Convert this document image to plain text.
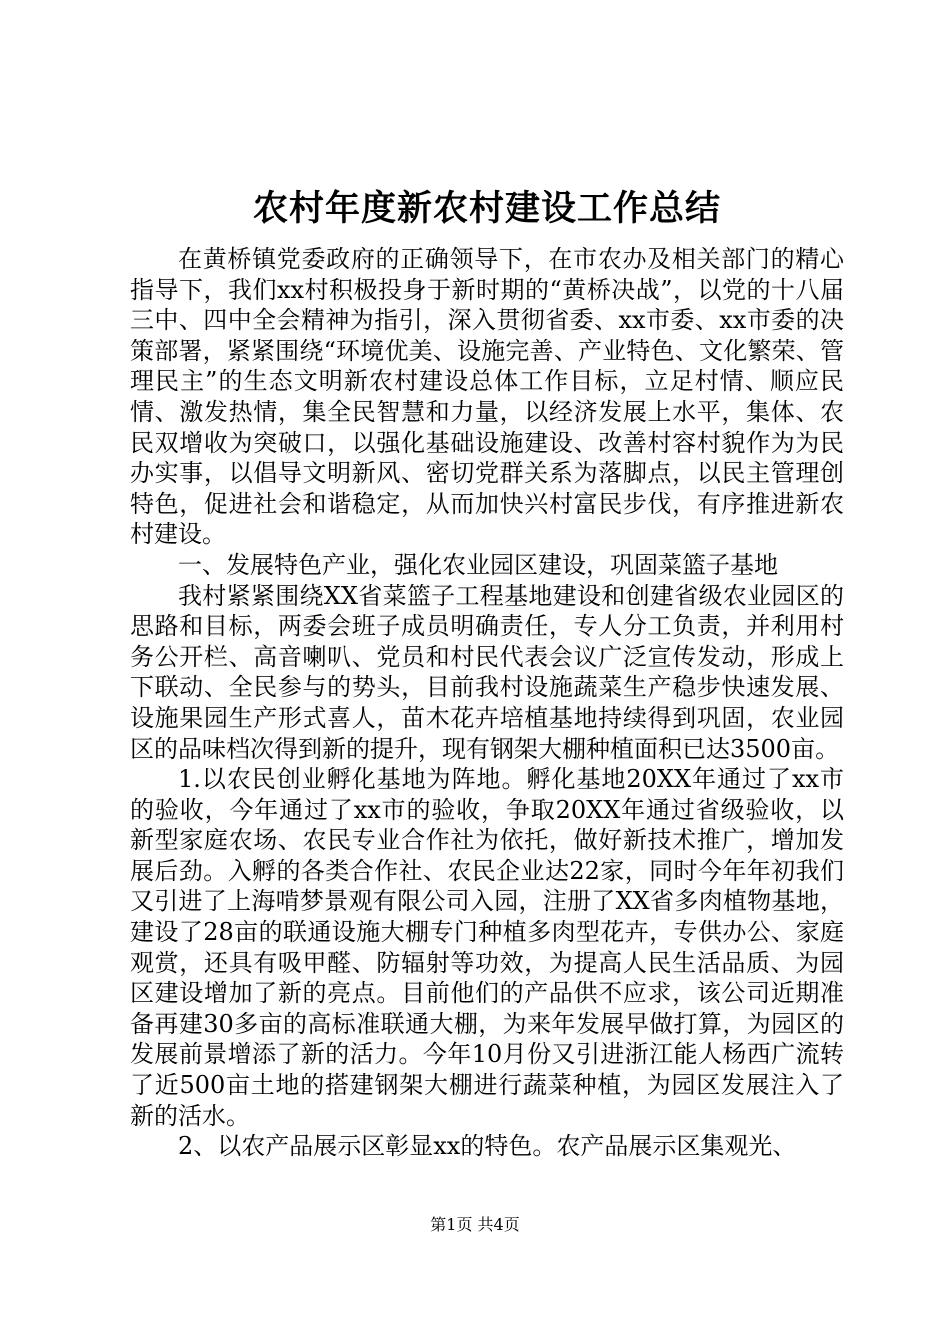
农村年度新农村建设工作总结

在黄桥镇党委政府的正确领导下，在市农办及相关部门的精心指导下，我们xx村积极投身于新时期的“黄桥决战”，以党的十八届三中、四中全会精神为指引，深入贯彻省委、xx市委、xx市委的决策部署，紧紧围绕“环境优美、设施完善、产业特色、文化繁荣、管理民主”的生态文明新农村建设总体工作目标，立足村情、顺应民情、激发热情，集全民智慧和力量，以经济发展上水平，集体、农民双增收为突破口，以强化基础设施建设、改善村容村貌作为为民办实事，以倡导文明新风、密切党群关系为落脚点，以民主管理创特色，促进社会和谐稳定，从而加快兴村富民步伐，有序推进新农村建设。

一、发展特色产业，强化农业园区建设，巩固菜篮子基地

我村紧紧围绕XX省菜篮子工程基地建设和创建省级农业园区的思路和目标，两委会班子成员明确责任，专人分工负责，并利用村务公开栏、高音喇叭、党员和村民代表会议广泛宣传发动，形成上下联动、全民参与的势头，目前我村设施蔬菜生产稳步快速发展、设施果园生产形式喜人，苗木花卉培植基地持续得到巩固，农业园区的品味档次得到新的提升，现有钢架大棚种植面积已达3500亩。

1.以农民创业孵化基地为阵地。孵化基地20XX年通过了xx市的验收，今年通过了xx市的验收，争取20XX年通过省级验收，以新型家庭农场、农民专业合作社为依托，做好新技术推广，增加发展后劲。入孵的各类合作社、农民企业达22家，同时今年年初我们又引进了上海啃梦景观有限公司入园，注册了XX省多肉植物基地，建设了28亩的联通设施大棚专门种植多肉型花卉，专供办公、家庭观赏，还具有吸甲醛、防辐射等功效，为提高人民生活品质、为园区建设增加了新的亮点。目前他们的产品供不应求，该公司近期准备再建30多亩的高标准联通大棚，为来年发展早做打算，为园区的发展前景增添了新的活力。今年10月份又引进浙江能人杨西广流转了近500亩土地的搭建钢架大棚进行蔬菜种植，为园区发展注入了新的活水。

2、以农产品展示区彰显xx的特色。农产品展示区集观光、

第1页 共4页
